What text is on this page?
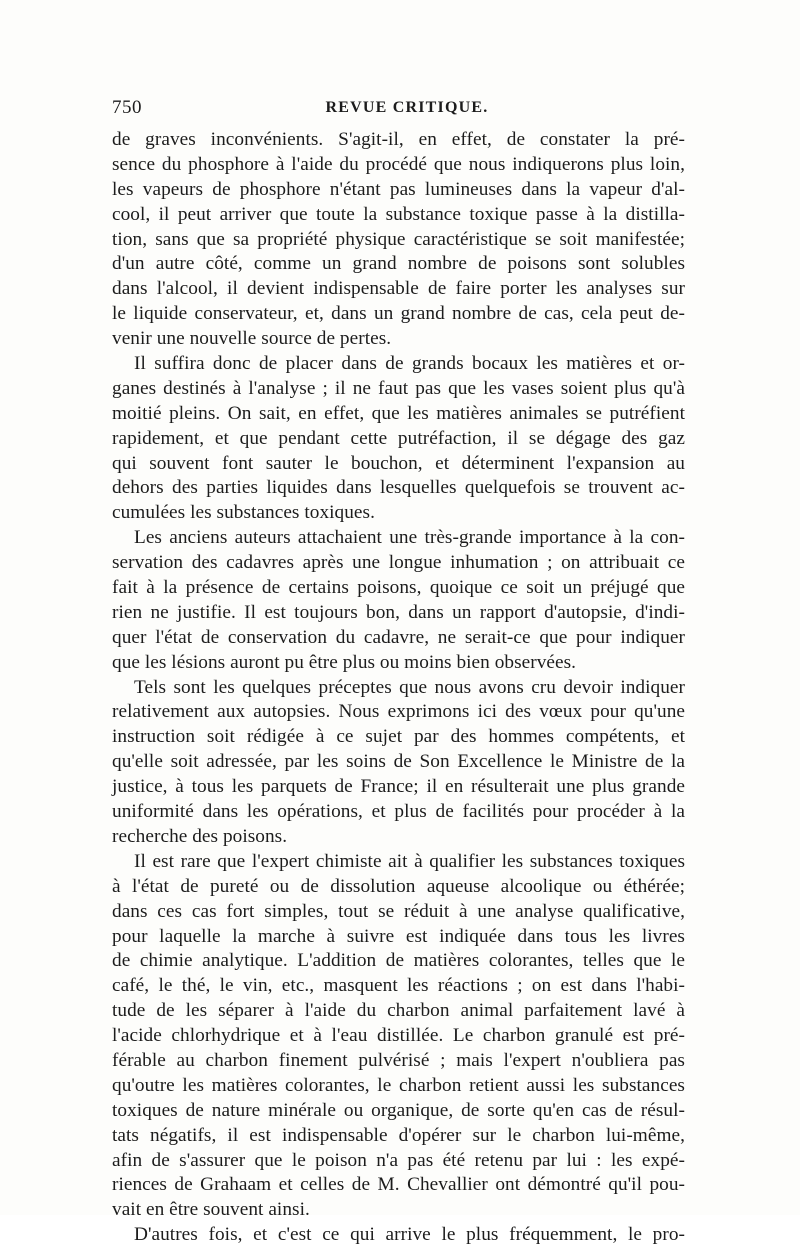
750	REVUE CRITIQUE.
de graves inconvénients. S'agit-il, en effet, de constater la pré-
sence du phosphore à l'aide du procédé que nous indiquerons plus loin,
les vapeurs de phosphore n'étant pas lumineuses dans la vapeur d'al-
cool, il peut arriver que toute la substance toxique passe à la distilla-
tion, sans que sa propriété physique caractéristique se soit manifestée;
d'un autre côté, comme un grand nombre de poisons sont solubles
dans l'alcool, il devient indispensable de faire porter les analyses sur
le liquide conservateur, et, dans un grand nombre de cas, cela peut de-
venir une nouvelle source de pertes.
Il suffira donc de placer dans de grands bocaux les matières et or-
ganes destinés à l'analyse ; il ne faut pas que les vases soient plus qu'à
moitié pleins. On sait, en effet, que les matières animales se putréfient
rapidement, et que pendant cette putréfaction, il se dégage des gaz
qui souvent font sauter le bouchon, et déterminent l'expansion au
dehors des parties liquides dans lesquelles quelquefois se trouvent ac-
cumulées les substances toxiques.
Les anciens auteurs attachaient une très-grande importance à la con-
servation des cadavres après une longue inhumation ; on attribuait ce
fait à la présence de certains poisons, quoique ce soit un préjugé que
rien ne justifie. Il est toujours bon, dans un rapport d'autopsie, d'indi-
quer l'état de conservation du cadavre, ne serait-ce que pour indiquer
que les lésions auront pu être plus ou moins bien observées.
Tels sont les quelques préceptes que nous avons cru devoir indiquer
relativement aux autopsies. Nous exprimons ici des vœux pour qu'une
instruction soit rédigée à ce sujet par des hommes compétents, et
qu'elle soit adressée, par les soins de Son Excellence le Ministre de la
justice, à tous les parquets de France; il en résulterait une plus grande
uniformité dans les opérations, et plus de facilités pour procéder à la
recherche des poisons.
Il est rare que l'expert chimiste ait à qualifier les substances toxiques
à l'état de pureté ou de dissolution aqueuse alcoolique ou éthérée;
dans ces cas fort simples, tout se réduit à une analyse qualificative,
pour laquelle la marche à suivre est indiquée dans tous les livres
de chimie analytique. L'addition de matières colorantes, telles que le
café, le thé, le vin, etc., masquent les réactions ; on est dans l'habi-
tude de les séparer à l'aide du charbon animal parfaitement lavé à
l'acide chlorhydrique et à l'eau distillée. Le charbon granulé est pré-
férable au charbon finement pulvérisé ; mais l'expert n'oubliera pas
qu'outre les matières colorantes, le charbon retient aussi les substances
toxiques de nature minérale ou organique, de sorte qu'en cas de résul-
tats négatifs, il est indispensable d'opérer sur le charbon lui-même,
afin de s'assurer que le poison n'a pas été retenu par lui : les expé-
riences de Grahaam et celles de M. Chevallier ont démontré qu'il pou-
vait en être souvent ainsi.
D'autres fois, et c'est ce qui arrive le plus fréquemment, le pro-
